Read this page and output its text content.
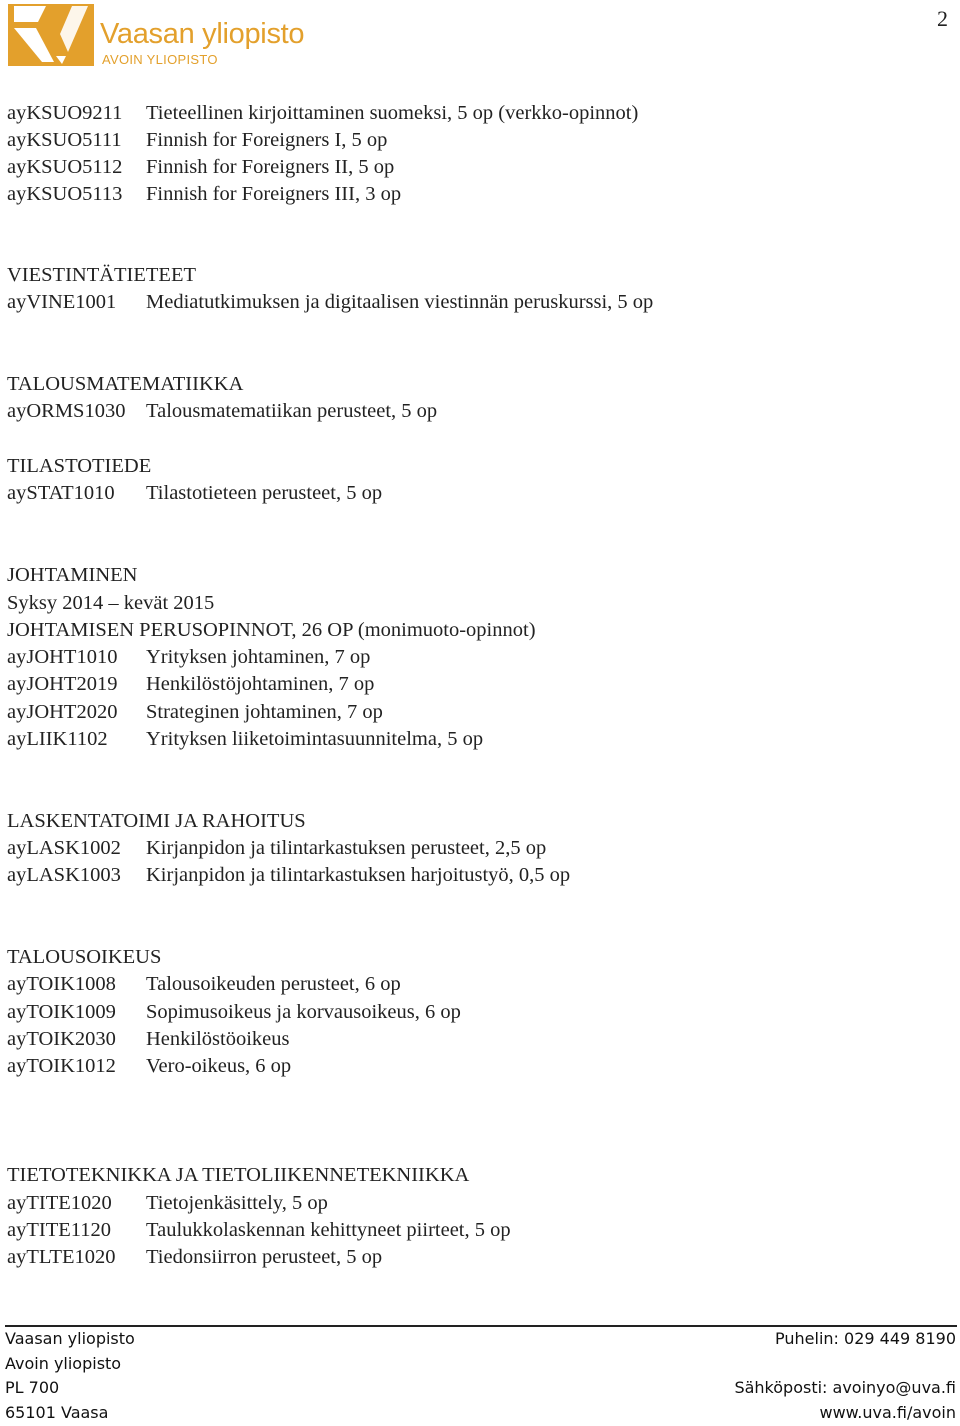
Vaasan yliopisto
AVOIN YLIOPISTO
2
ayKSUO9211 Tieteellinen kirjoittaminen suomeksi, 5 op (verkko-opinnot)
ayKSUO5111 Finnish for Foreigners I, 5 op
ayKSUO5112 Finnish for Foreigners II, 5 op
ayKSUO5113 Finnish for Foreigners III, 3 op
VIESTINTÄTIETEET
ayVINE1001 Mediatutkimuksen ja digitaalisen viestinnän peruskurssi, 5 op
TALOUSMATEMATIIKKA
ayORMS1030 Talousmatematiikan perusteet, 5 op
TILASTOTIEDE
aySTAT1010 Tilastotieteen perusteet, 5 op
JOHTAMINEN
Syksy 2014 – kevät 2015
JOHTAMISEN PERUSOPINNOT, 26 OP (monimuoto-opinnot)
ayJOHT1010 Yrityksen johtaminen, 7 op
ayJOHT2019 Henkilöstöjohtaminen, 7 op
ayJOHT2020 Strateginen johtaminen, 7 op
ayLIIK1102 Yrityksen liiketoimintasuunnitelma, 5 op
LASKENTATOIMI JA RAHOITUS
ayLASK1002 Kirjanpidon ja tilintarkastuksen perusteet, 2,5 op
ayLASK1003 Kirjanpidon ja tilintarkastuksen harjoitustyö, 0,5 op
TALOUSOIKEUS
ayTOIK1008 Talousoikeuden perusteet, 6 op
ayTOIK1009 Sopimusoikeus ja korvausoikeus, 6 op
ayTOIK2030 Henkilöstöoikeus
ayTOIK1012 Vero-oikeus, 6 op
TIETOTEKNIKKA JA TIETOLIIKENNETEKNIIKKA
ayTITE1020 Tietojenkäsittely, 5 op
ayTITE1120 Taulukkolaskennan kehittyneet piirteet, 5 op
ayTLTE1020 Tiedonsiirron perusteet, 5 op
Vaasan yliopisto
Avoin yliopisto
PL 700
65101 Vaasa
Puhelin: 029 449 8190

Sähköposti: avoinyo@uva.fi
www.uva.fi/avoin
